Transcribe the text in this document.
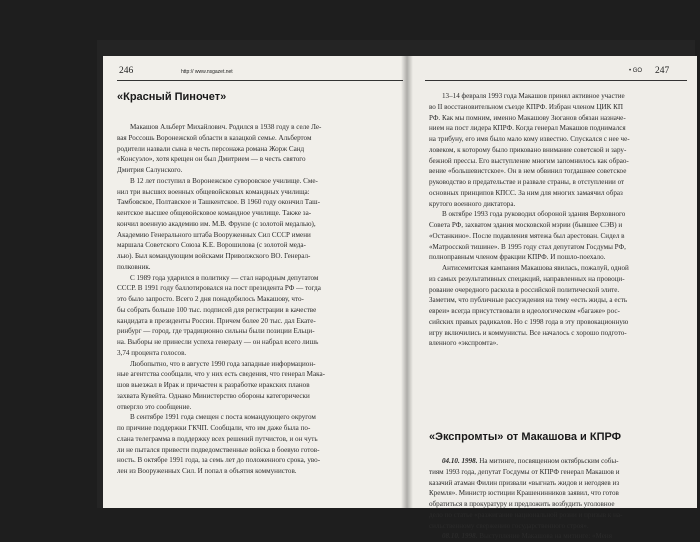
246	http:// www.nsgazet.net
«Красный Пиночет»

Макашов Альберт Михайлович. Родился в 1938 году в селе Ле-

вая Россошь Воронежской области в казацкой семье. Альбертом

родители назвали сына в честь персонажа романа Жорж Санд

«Консуэло», хотя крещен он был Дмитрием — в честь святого

Дмитрия Салунского.

В 12 лет поступил в Воронежское суворовское училище. Сме-

нил три высших военных общевойсковых командных училища:

Тамбовское, Полтавское и Ташкентское. В 1960 году окончил Таш-

кентское высшее общевойсковое командное училище. Также за-

кончил военную академию им. М.В. Фрунзе (с золотой медалью),

Академию Генерального штаба Вооруженных Сил СССР имени

маршала Советского Союза К.Е. Ворошилова (с золотой меда-

лью). Был командующим войсками Приволжского ВО. Генерал-

полковник.

С 1989 года ударился в политику — стал народным депутатом

СССР. В 1991 году баллотировался на пост президента РФ — тогда

это было запросто. Всего 2 дня понадобилось Макашову, что-

бы собрать больше 100 тыс. подписей для регистрации в качестве

кандидата в президенты России. Причем более 20 тыс. дал Екате-

ринбург — город, где традиционно сильны были позиции Ельци-

на. Выборы не принесли успеха генералу — он набрал всего лишь

3,74 процента голосов.

Любопытно, что в августе 1990 года западные информацион-

ные агентства сообщали, что у них есть сведения, что генерал Мака-

шов выезжал в Ирак и причастен к разработке иракских планов

захвата Кувейта. Однако Министерство обороны категорически

отвергло это сообщение.

В сентябре 1991 года смещен с поста командующего округом

по причине поддержки ГКЧП. Сообщали, что им даже была по-

слана телеграмма в поддержку всех решений путчистов, и он чуть

ли не пытался привести подведомственные войска в боевую готов-

ность. В октябре 1991 года, за семь лет до положенного срока, уво-

лен из Вооруженных Сил. И попал в объятия коммунистов.

• GO 247

13–14 февраля 1993 года Макашов принял активное участие

во II восстановительном съезде КПРФ. Избран членом ЦИК КП

РФ. Как мы помним, именно Макашову Зюганов обязан назначе-

нием на пост лидера КПРФ. Когда генерал Макашов поднимался

на трибуну, его имя было мало кому известно. Спускался с нее че-

ловеком, к которому было приковано внимание советской и зару-

бежной прессы. Его выступление многим запомнилось как обрао-

вение «большевистское». Он в нем обвинил тогдашнее советское

руководство в предательстве и развале страны, в отступлении от

основных принципов КПСС. За ним для многих замаячил образ

крутого военного диктатора.

В октябре 1993 года руководил обороной здания Верховного

Совета РФ, захватом здания московской мэрии (бывшее СЭВ) и

«Останкино». После подавления мятежа был арестован. Сидел в

«Матросской тишине». В 1995 году стал депутатом Госдумы РФ,

полноправным членом фракции КПРФ. И пошло-поехало.

Антисемитская кампания Макашова явилась, пожалуй, одной

из самых результативных спецакций, направленных на провоци-

рование очередного раскола в российской политической элите.

Заметим, что публичные рассуждения на тему «есть жиды, а есть

евреи» всегда присутствовали в идеологическом «багаже» рос-

сийских правых радикалов. Но с 1998 года в эту провокационную

игру включились и коммунисты. Все началось с хорошо подгото-

вленного «экспромта».

«Экспромты» от Макашова и КПРФ

04.10. 1998. На митинге, посвященном октябрьским собы-

тиям 1993 года, депутат Госдумы от КПРФ генерал Макашов и

казачий атаман Филин призвали «выгнать жидов и негодяев из

Кремля». Министр юстиции Крашенинников заявил, что готов

обратиться в прокуратуру и предложить возбудить уголовное

дело по статье «разжигание национальной розни и призыв к на-

сильственному свержению государственного строя».

08.10. 1998. Выступление Макашова на митинге: «Меня
